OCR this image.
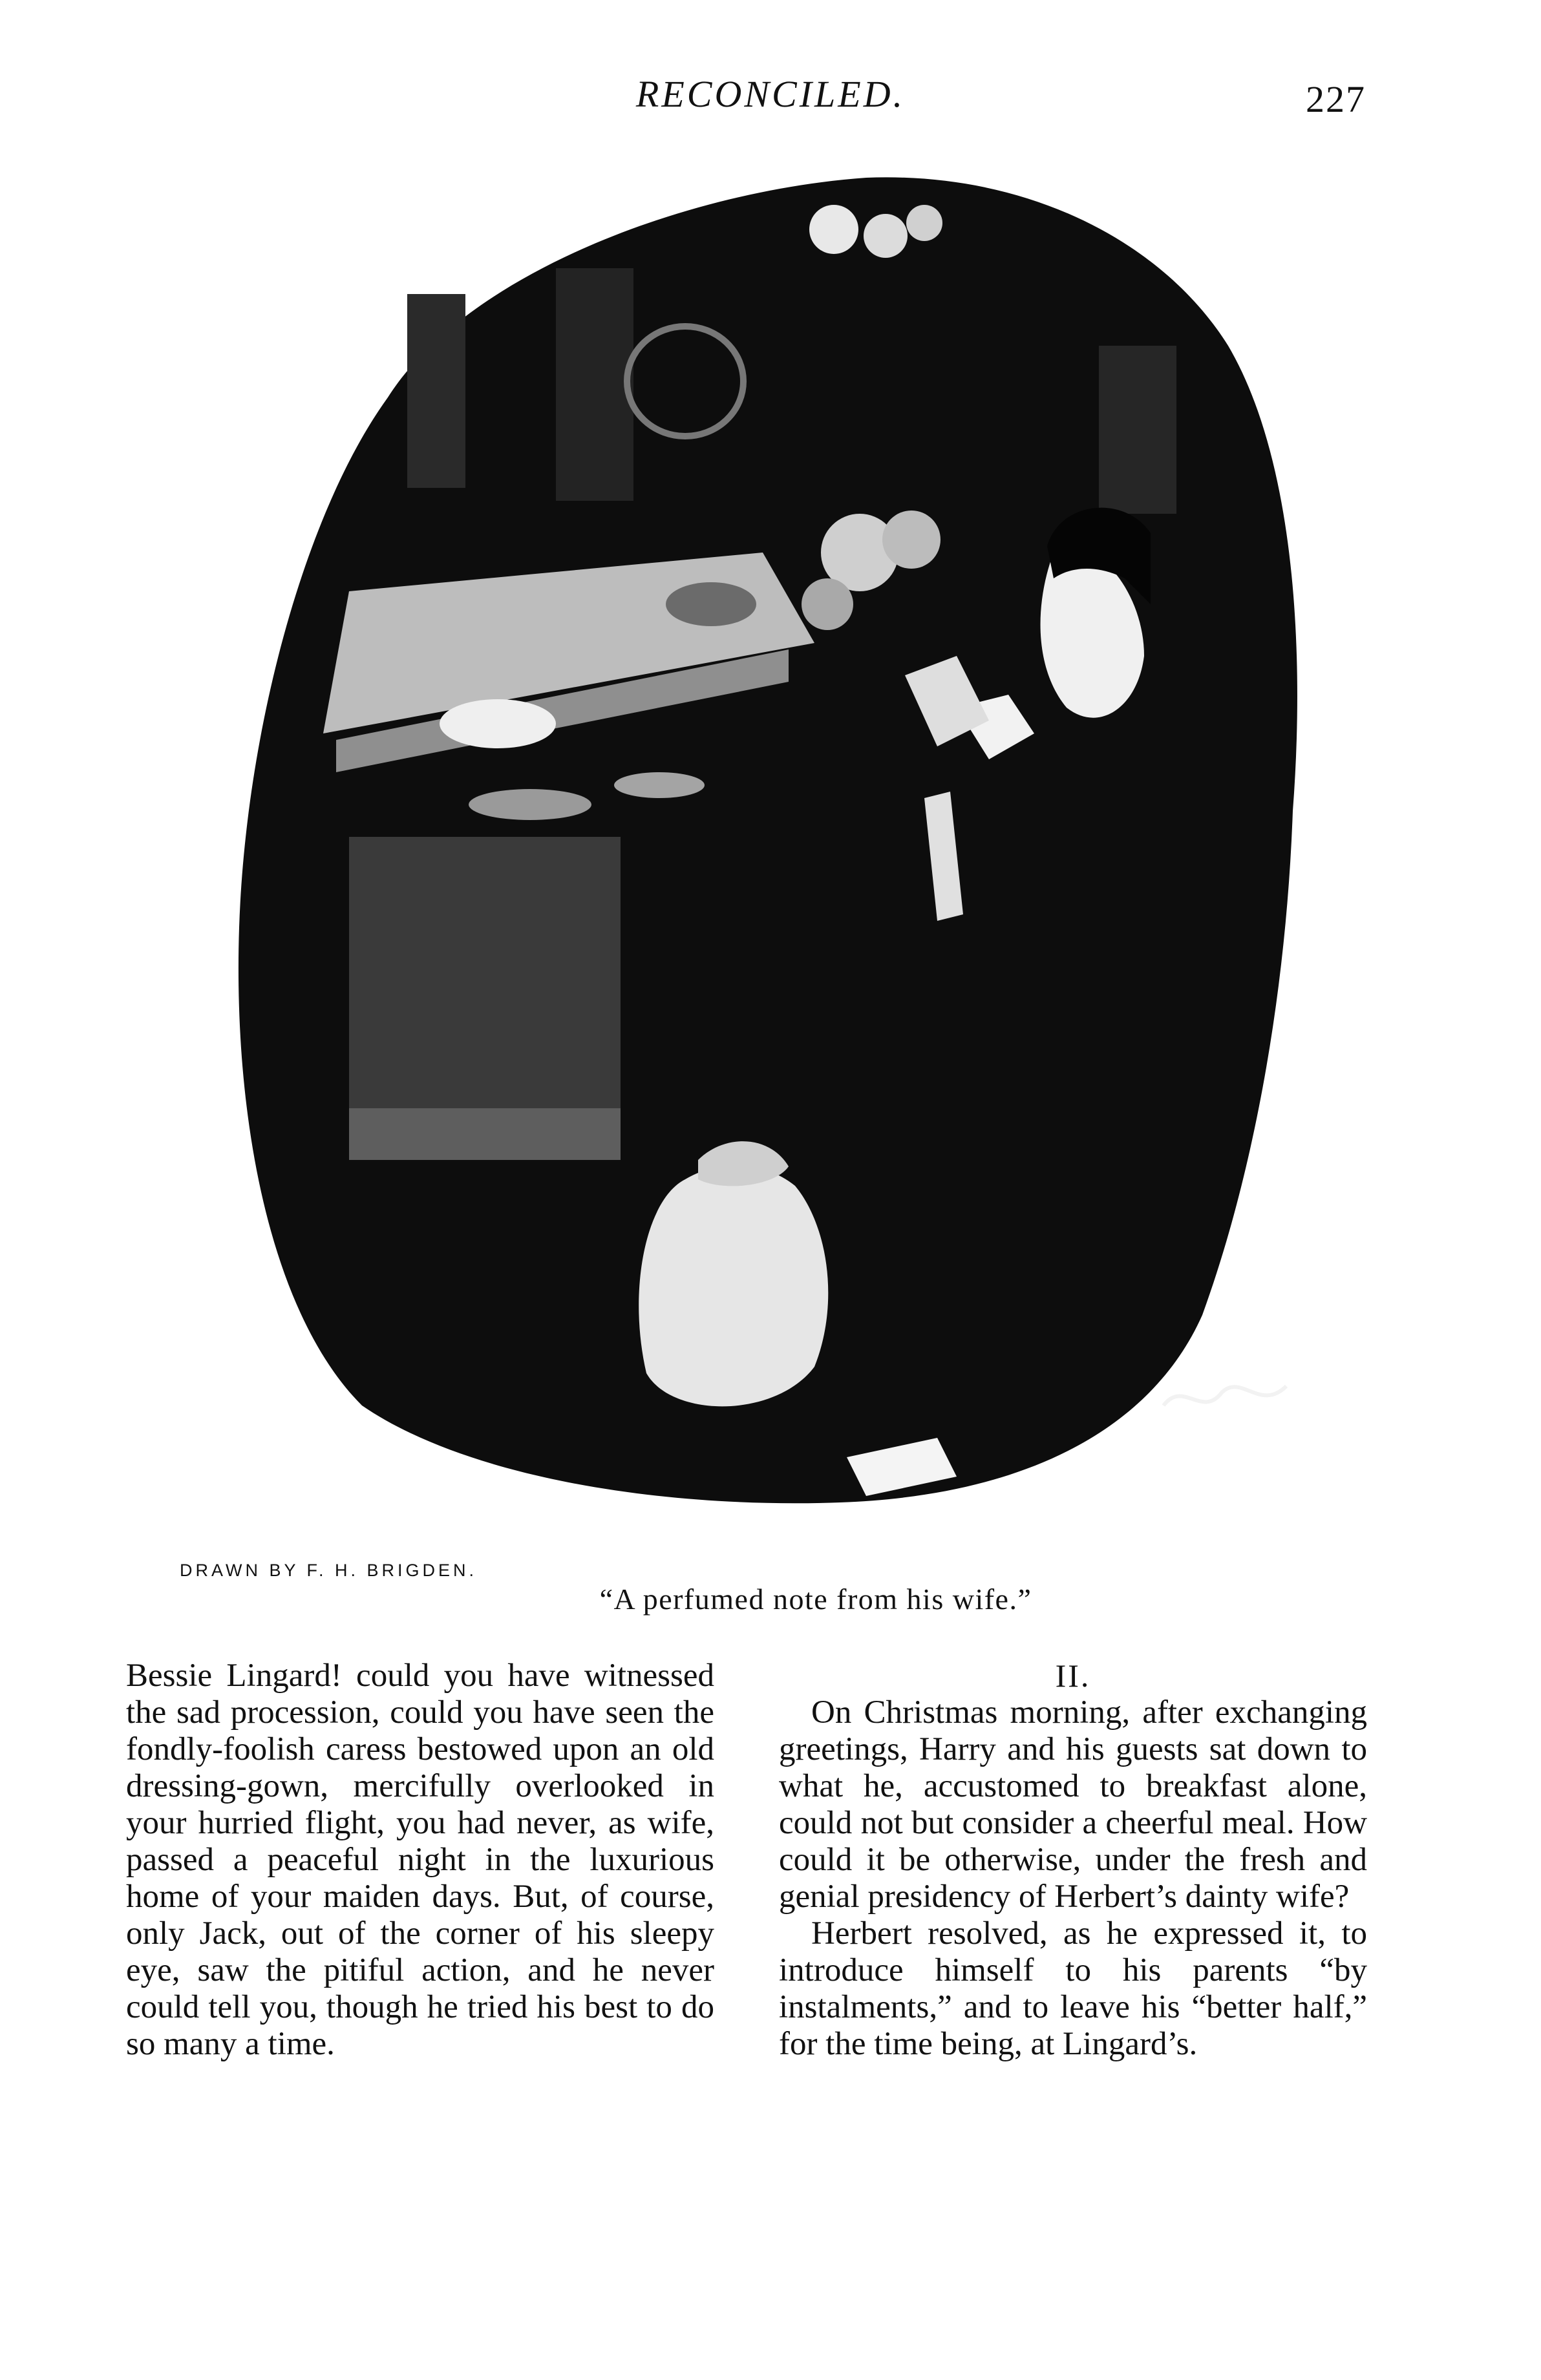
RECONCILED.	227
DRAWN BY F. H. BRIGDEN.
“A perfumed note from his wife.”

Bessie Lingard! could you have witnessed the sad procession, could you have seen the fondly-foolish caress bestowed upon an old dressing-gown, mercifully overlooked in your hurried flight, you had never, as wife, passed a peaceful night in the luxurious home of your maiden days. But, of course, only Jack, out of the corner of his sleepy eye, saw the pitiful action, and he never could tell you, though he tried his best to do so many a time.

II.

On Christmas morning, after exchanging greetings, Harry and his guests sat down to what he, accustomed to breakfast alone, could not but consider a cheerful meal. How could it be otherwise, under the fresh and genial presidency of Herbert’s dainty wife?

Herbert resolved, as he expressed it, to introduce himself to his parents “by instalments,” and to leave his “better half,” for the time being, at Lingard’s.
